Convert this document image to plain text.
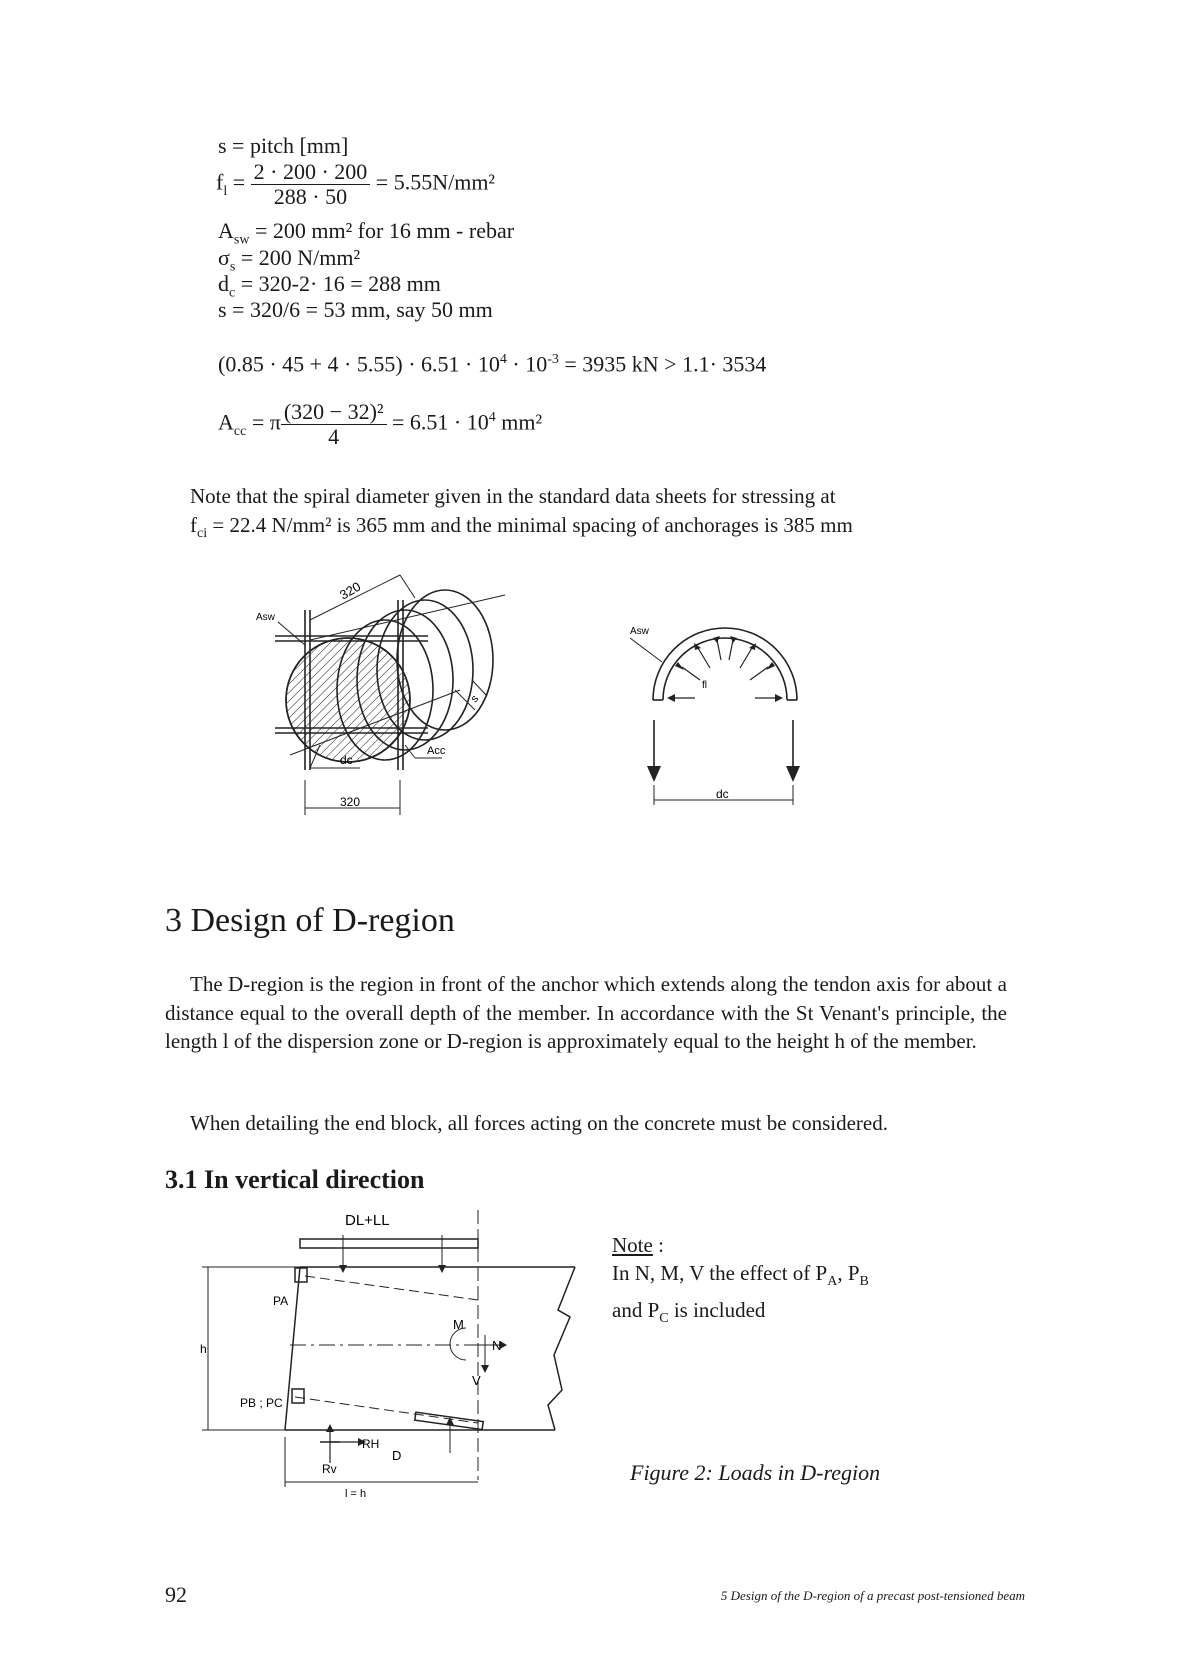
s = pitch [mm]
$f_l = \frac{2 \cdot 200 \cdot 200}{288 \cdot 50} = 5.55N/mm^2$
$A_{sw} = 200$ mm² for 16 mm - rebar
$\sigma_s = 200$ N/mm²
$d_c = 320-2\cdot 16 = 288$ mm
s = 320/6 = 53 mm, say 50 mm
$(0.85 \cdot 45 + 4 \cdot 5.55) \cdot 6.51 \cdot 10^4 \cdot 10^{-3} = 3935$ kN > 1.1· 3534
$A_{cc} = \pi \frac{\text{(320 − 32)²}}{4} = 6.51 \cdot 10^4$ mm²
Note that the spiral diameter given in the standard data sheets for stressing at
$f_{ci} = 22.4$ N/mm² is 365 mm and the minimal spacing of anchorages is 385 mm
320
Asw
s
Acc
dc
320
Asw
fl
dc
3 Design of D-region

The D-region is the region in front of the anchor which extends along the tendon axis for about a distance equal to the overall depth of the member. In accordance with the St Venant's principle, the length l of the dispersion zone or D-region is approximately equal to the height h of the member.

When detailing the end block, all forces acting on the concrete must be considered.

3.1 In vertical direction
DL+LL
PA
h
M
N
V
PB ; PC
RH
Rv
D
l = h
Note :
In N, M, V the effect of $P_A$, $P_B$
and $P_C$ is included
Figure 2: Loads in D-region
92	5 Design of the D-region of a precast post-tensioned beam
